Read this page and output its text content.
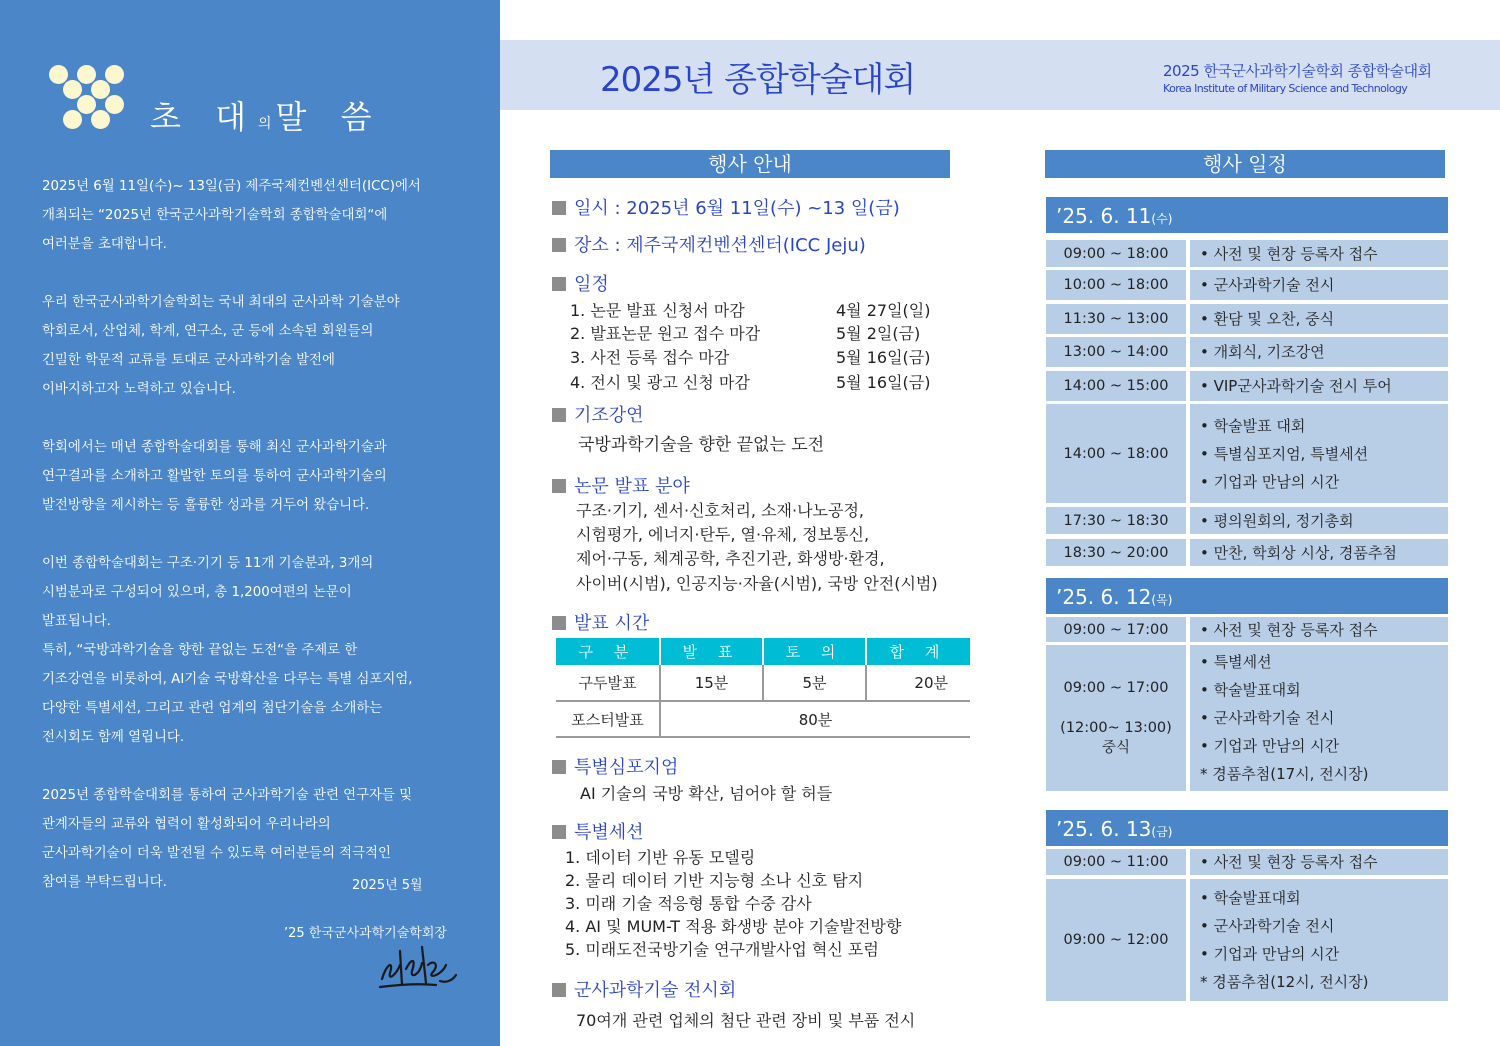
초 대의말 씀

2025년 6월 11일(수)~ 13일(금) 제주국제컨벤션센터(ICC)에서

개최되는 “2025년 한국군사과학기술학회 종합학술대회“에

여러분을 초대합니다.

우리 한국군사과학기술학회는 국내 최대의 군사과학 기술분야

학회로서, 산업체, 학계, 연구소, 군 등에 소속된 회원들의

긴밀한 학문적 교류를 토대로 군사과학기술 발전에

이바지하고자 노력하고 있습니다.

학회에서는 매년 종합학술대회를 통해 최신 군사과학기술과

연구결과를 소개하고 활발한 토의를 통하여 군사과학기술의

발전방향을 제시하는 등 훌륭한 성과를 거두어 왔습니다.

이번 종합학술대회는 구조·기기 등 11개 기술분과, 3개의

시범분과로 구성되어 있으며, 총 1,200여편의 논문이

발표됩니다.

특히, “국방과학기술을 향한 끝없는 도전“을 주제로 한

기조강연을 비롯하여, AI기술 국방확산을 다루는 특별 심포지엄,

다양한 특별세션, 그리고 관련 업계의 첨단기술을 소개하는

전시회도 함께 열립니다.

2025년 종합학술대회를 통하여 군사과학기술 관련 연구자들 및

관계자들의 교류와 협력이 활성화되어 우리나라의

군사과학기술이 더욱 발전될 수 있도록 여러분들의 적극적인

참여를 부탁드립니다.	2025년 5월
’25 한국군사과학기술학회장
2025년 종합학술대회	2025 한국군사과학기술학회 종합학술대회
Korea Institute of Military Science and Technology
행사 안내
일시 : 2025년 6월 11일(수) ~13 일(금)
장소 : 제주국제컨벤션센터(ICC Jeju)
일정
1. 논문 발표 신청서 마감	4월 27일(일)
2. 발표논문 원고 접수 마감	5월 2일(금)
3. 사전 등록 접수 마감	5월 16일(금)
4. 전시 및 광고 신청 마감	5월 16일(금)
기조강연
국방과학기술을 향한 끝없는 도전
논문 발표 분야
구조·기기, 센서·신호처리, 소재·나노공정,
시험평가, 에너지·탄두, 열·유체, 정보통신,
제어·구동, 체계공학, 추진기관, 화생방·환경,
사이버(시범), 인공지능·자율(시범), 국방 안전(시범)
발표 시간
구 분	발 표	토 의	합 계
구두발표	15분	5분	20분
포스터발표	80분		
특별심포지엄
AI 기술의 국방 확산, 넘어야 할 허들
특별세션
1. 데이터 기반 유동 모델링
2. 물리 데이터 기반 지능형 소나 신호 탐지
3. 미래 기술 적응형 통합 수중 감사
4. AI 및 MUM-T 적용 화생방 분야 기술발전방향
5. 미래도전국방기술 연구개발사업 혁신 포럼
군사과학기술 전시회
70여개 관련 업체의 첨단 관련 장비 및 부품 전시
행사 일정
’25. 6. 11(수)
09:00 ~ 18:00 • 사전 및 현장 등록자 접수
10:00 ~ 18:00 • 군사과학기술 전시
11:30 ~ 13:00 • 환담 및 오찬, 중식
13:00 ~ 14:00 • 개회식, 기조강연
14:00 ~ 15:00 • VIP군사과학기술 전시 투어
14:00 ~ 18:00
• 학술발표 대회
• 특별심포지엄, 특별세션
• 기업과 만남의 시간
17:30 ~ 18:30 • 평의원회의, 정기총회
18:30 ~ 20:00 • 만찬, 학회상 시상, 경품추첨
’25. 6. 12(목)
09:00 ~ 17:00 • 사전 및 현장 등록자 접수
09:00 ~ 17:00
(12:00~ 13:00)
중식
• 특별세션
• 학술발표대회
• 군사과학기술 전시
• 기업과 만남의 시간
* 경품추첨(17시, 전시장)
’25. 6. 13(금)
09:00 ~ 11:00 • 사전 및 현장 등록자 접수
09:00 ~ 12:00
• 학술발표대회
• 군사과학기술 전시
• 기업과 만남의 시간
* 경품추첨(12시, 전시장)
